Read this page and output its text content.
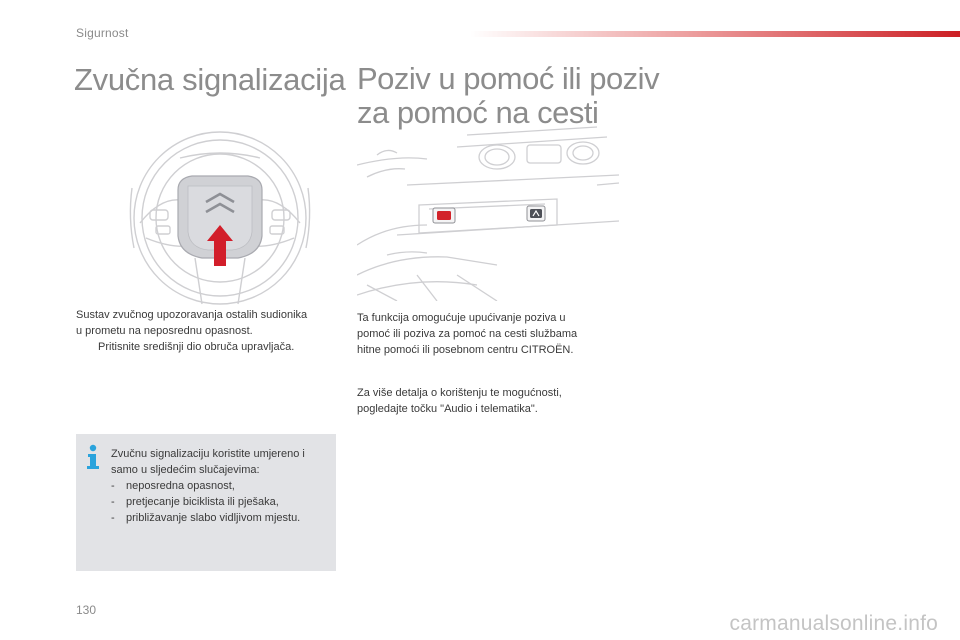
Sigurnost
Zvučna signalizacija
Sustav zvučnog upozoravanja ostalih sudionika
u prometu na neposrednu opasnost.
Pritisnite središnji dio obruča upravljača.
Zvučnu signalizaciju koristite umjereno i
samo u sljedećim slučajevima:
- neposredna opasnost,
- pretjecanje biciklista ili pješaka,
- približavanje slabo vidljivom mjestu.
Poziv u pomoć ili poziv
za pomoć na cesti
Ta funkcija omogućuje upućivanje poziva u
pomoć ili poziva za pomoć na cesti službama
hitne pomoći ili posebnom centru CITROËN.
Za više detalja o korištenju te mogućnosti,
pogledajte točku "Audio i telematika".
130
carmanualsonline.info
